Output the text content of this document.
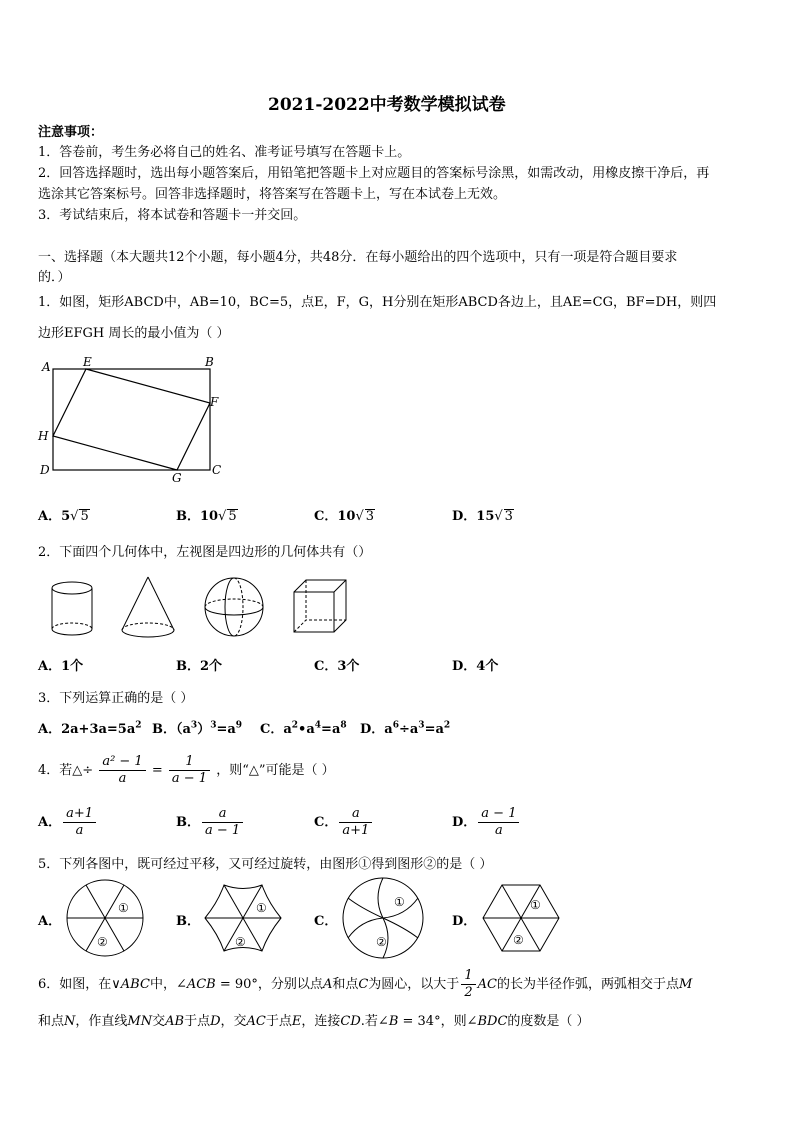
2021-2022中考数学模拟试卷
注意事项：
1．答卷前，考生务必将自己的姓名、准考证号填写在答题卡上。
2．回答选择题时，选出每小题答案后，用铅笔把答题卡上对应题目的答案标号涂黑，如需改动，用橡皮擦干净后，再
选涂其它答案标号。回答非选择题时，将答案写在答题卡上，写在本试卷上无效。
3．考试结束后，将本试卷和答题卡一并交回。
一、选择题（本大题共12个小题，每小题4分，共48分．在每小题给出的四个选项中，只有一项是符合题目要求
的．）
1．如图，矩形ABCD中，AB=10，BC=5，点E，F，G，H分别在矩形ABCD各边上，且AE=CG，BF=DH，则四
边形EFGH 周长的最小值为（ ）
A	E	B
F
H
D
G
C
A．5√ 5	B．10√ 5	C．10√ 3	D．15√ 3
2．下面四个几何体中，左视图是四边形的几何体共有（）
A．1个	B．2个	C．3个	D．4个
3．下列运算正确的是（ ）
A．$2a+3a=5a^2$ B．$(a^3)^3=a^9$ C．$a^2•a^4=a^8$ D．$a^6\div a^3=a^2$
4．若△÷ $\frac{\text{a² − 1}}{a} = \frac{1}{a - 1}$ ，则“△”可能是（ ）
A． $\frac{a+1}{a}$	B． $\frac{a}{a - 1}$	C． $\frac{a}{a+1}$	D． $\frac{a - 1}{a}$
5．下列各图中，既可经过平移，又可经过旋转，由图形①得到图形②的是（ ）
A．
①
②
B．
①
②
C．
①
②
D．
①
②
6．如图，在∨ABC中，∠ACB = 90°，分别以点A和点C为圆心，以大于 $\frac{1}{2}$ AC的长为半径作弧，两弧相交于点M
和点N，作直线MN交AB于点D，交AC于点E，连接CD.若∠B = 34°，则∠BDC的度数是（ ）
